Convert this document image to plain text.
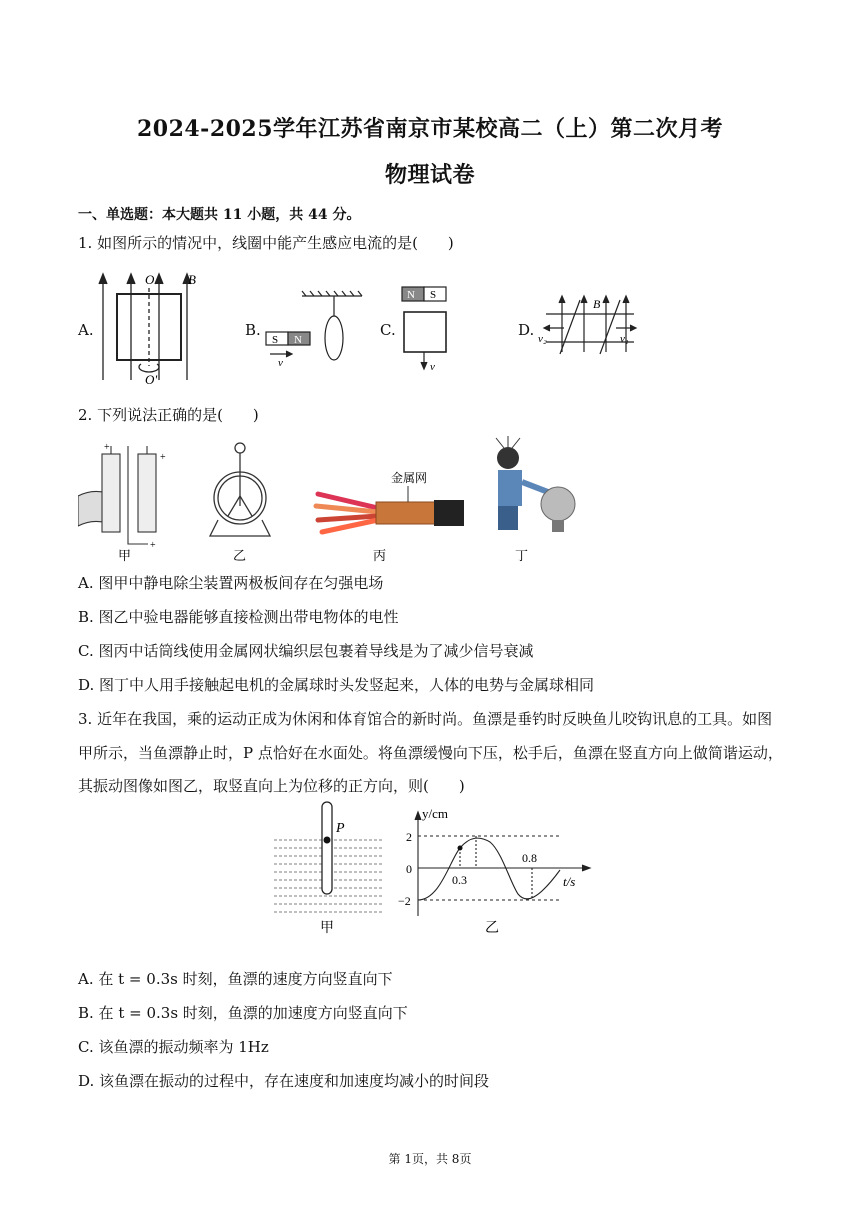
2024-2025学年江苏省南京市某校高二（上）第二次月考
物理试卷
一、单选题：本大题共 11 小题，共 44 分。
1. 如图所示的情况中，线圈中能产生感应电流的是(　　)
A.	B.	C.	D.
O	B
O'
S N
v
N S
v
B
v₂	v₁
2. 下列说法正确的是(　　)
+
+
+
甲	乙
金属网
丙	丁
A. 图甲中静电除尘装置两极板间存在匀强电场
B. 图乙中验电器能够直接检测出带电物体的电性
C. 图丙中话筒线使用金属网状编织层包裹着导线是为了减少信号衰减
D. 图丁中人用手接触起电机的金属球时头发竖起来，人体的电势与金属球相同
3. 近年在我国，乘的运动正成为休闲和体育馆合的新时尚。鱼漂是垂钓时反映鱼儿咬钩讯息的工具。如图
甲所示，当鱼漂静止时，P 点恰好在水面处。将鱼漂缓慢向下压，松手后，鱼漂在竖直方向上做简谐运动，
其振动图像如图乙，取竖直向上为位移的正方向，则(　　)
P
甲
y/cm
t/s
2
0
−2
0.3
0.8
乙
A. 在 t = 0.3s 时刻，鱼漂的速度方向竖直向下
B. 在 t = 0.3s 时刻，鱼漂的加速度方向竖直向下
C. 该鱼漂的振动频率为 1Hz
D. 该鱼漂在振动的过程中，存在速度和加速度均减小的时间段
第 1页，共 8页
